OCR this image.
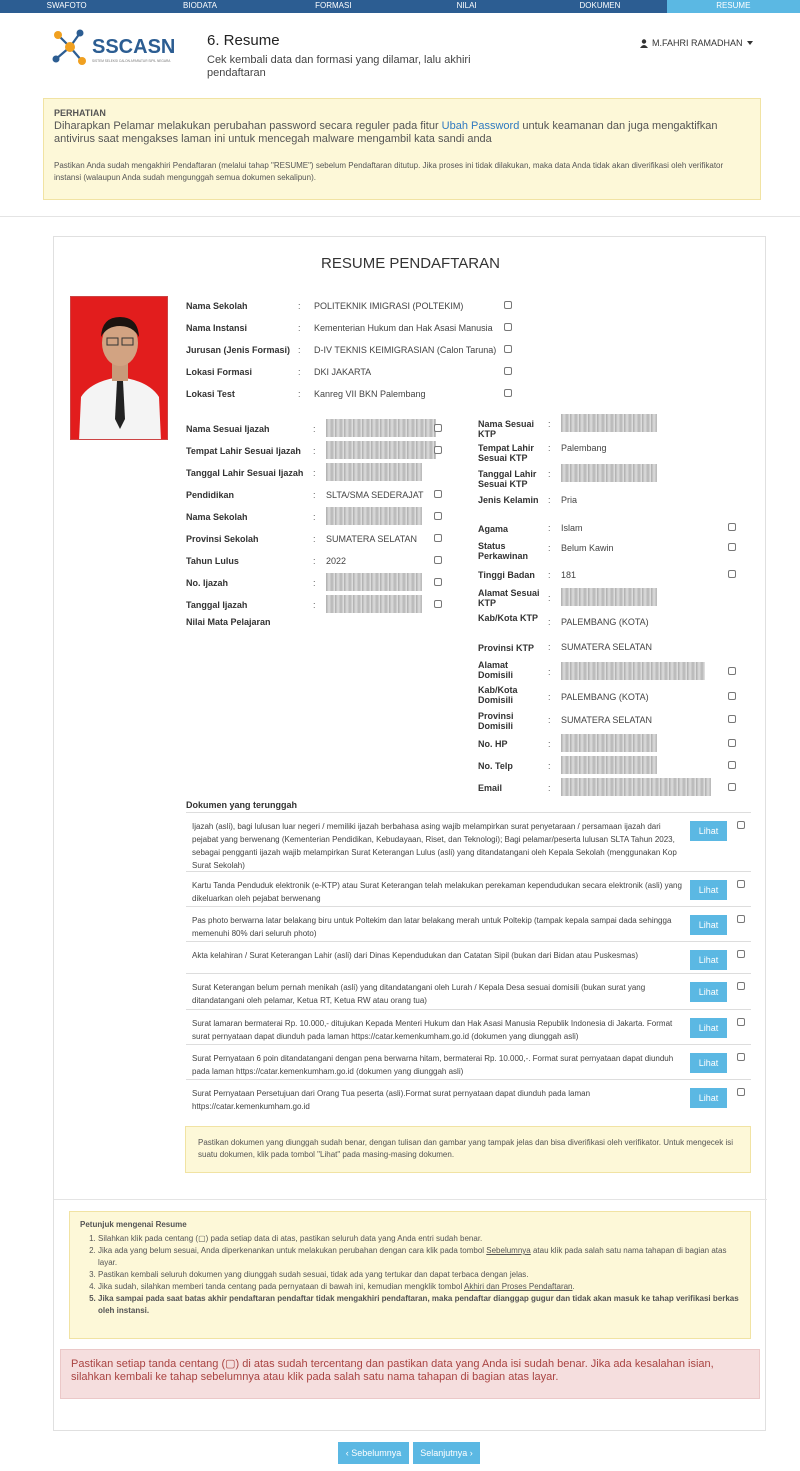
SWAFOTO	BIODATA	FORMASI	NILAI	DOKUMEN	RESUME
SSCASN
SISTEM SELEKSI CALON APARATUR SIPIL NEGARA
6. Resume
Cek kembali data dan formasi yang dilamar, lalu akhiri pendaftaran
M.FAHRI RAMADHAN
PERHATIAN
Diharapkan Pelamar melakukan perubahan password secara reguler pada fitur Ubah Password untuk keamanan dan juga mengaktifkan antivirus saat mengakses laman ini untuk mencegah malware mengambil kata sandi anda
Pastikan Anda sudah mengakhiri Pendaftaran (melalui tahap "RESUME") sebelum Pendaftaran ditutup. Jika proses ini tidak dilakukan, maka data Anda tidak akan diverifikasi oleh verifikator instansi (walaupun Anda sudah mengunggah semua dokumen sekalipun).
RESUME PENDAFTARAN
Nama Sekolah	: POLITEKNIK IMIGRASI (POLTEKIM)
Nama Instansi	: Kementerian Hukum dan Hak Asasi Manusia
Jurusan (Jenis Formasi) : D-IV TEKNIS KEIMIGRASIAN (Calon Taruna)
Lokasi Formasi	: DKI JAKARTA
Lokasi Test	: Kanreg VII BKN Palembang
Nama Sesuai Ijazah	:
Tempat Lahir Sesuai Ijazah :
Tanggal Lahir Sesuai Ijazah :
Pendidikan	: SLTA/SMA SEDERAJAT
Nama Sekolah	:
Provinsi Sekolah	: SUMATERA SELATAN
Tahun Lulus	: 2022
No. Ijazah	:
Tanggal Ijazah	:
Nilai Mata Pelajaran
Nama Sesuai KTP
:
Tempat Lahir Sesuai KTP
: Palembang
Tanggal Lahir Sesuai KTP
:
Jenis Kelamin	: Pria
Agama	: Islam
Status Perkawinan
: Belum Kawin
Tinggi Badan	: 181
Alamat Sesuai KTP	:
Kab/Kota KTP	: PALEMBANG (KOTA)
Provinsi KTP	: SUMATERA SELATAN
Alamat Domisili	:
Kab/Kota Domisili	: PALEMBANG (KOTA)
Provinsi Domisili
: SUMATERA SELATAN
No. HP	:
No. Telp	:
Email	:
Dokumen yang terunggah
Ijazah (asli), bagi lulusan luar negeri / memiliki ijazah berbahasa asing wajib melampirkan surat penyetaraan / persamaan ijazah dari pejabat yang berwenang (Kementerian Pendidikan, Kebudayaan, Riset, dan Teknologi); Bagi pelamar/peserta lulusan SLTA Tahun 2023, sebagai pengganti ijazah wajib melampirkan Surat Keterangan Lulus (asli) yang ditandatangani oleh Kepala Sekolah (menggunakan Kop Surat Sekolah)
Lihat
Kartu Tanda Penduduk elektronik (e-KTP) atau Surat Keterangan telah melakukan perekaman kependudukan secara elektronik (asli) yang dikeluarkan oleh pejabat berwenang
Lihat
Pas photo berwarna latar belakang biru untuk Poltekim dan latar belakang merah untuk Poltekip (tampak kepala sampai dada sehingga memenuhi 80% dari seluruh photo)
Lihat
Akta kelahiran / Surat Keterangan Lahir (asli) dari Dinas Kependudukan dan Catatan Sipil (bukan dari Bidan atau Puskesmas)	Lihat
Surat Keterangan belum pernah menikah (asli) yang ditandatangani oleh Lurah / Kepala Desa sesuai domisili (bukan surat yang ditandatangani oleh pelamar, Ketua RT, Ketua RW atau orang tua)
Lihat
Surat lamaran bermaterai Rp. 10.000,- ditujukan Kepada Menteri Hukum dan Hak Asasi Manusia Republik Indonesia di Jakarta. Format surat pernyataan dapat diunduh pada laman https://catar.kemenkumham.go.id (dokumen yang diunggah asli)
Lihat
Surat Pernyataan 6 poin ditandatangani dengan pena berwarna hitam, bermaterai Rp. 10.000,-. Format surat pernyataan dapat diunduh pada laman https://catar.kemenkumham.go.id (dokumen yang diunggah asli)
Lihat
Surat Pernyataan Persetujuan dari Orang Tua peserta (asli).Format surat pernyataan dapat diunduh pada laman https://catar.kemenkumham.go.id
Lihat
Pastikan dokumen yang diunggah sudah benar, dengan tulisan dan gambar yang tampak jelas dan bisa diverifikasi oleh verifikator. Untuk mengecek isi suatu dokumen, klik pada tombol "Lihat" pada masing-masing dokumen.
Petunjuk mengenai Resume
1. Silahkan klik pada centang (▢) pada setiap data di atas, pastikan seluruh data yang Anda entri sudah benar.
2. Jika ada yang belum sesuai, Anda diperkenankan untuk melakukan perubahan dengan cara klik pada tombol Sebelumnya atau klik pada salah satu nama tahapan di bagian atas layar.
3. Pastikan kembali seluruh dokumen yang diunggah sudah sesuai, tidak ada yang tertukar dan dapat terbaca dengan jelas.
4. Jika sudah, silahkan memberi tanda centang pada pernyataan di bawah ini, kemudian mengklik tombol Akhiri dan Proses Pendaftaran.
5. Jika sampai pada saat batas akhir pendaftaran pendaftar tidak mengakhiri pendaftaran, maka pendaftar dianggap gugur dan tidak akan masuk ke tahap verifikasi berkas oleh instansi.
Pastikan setiap tanda centang (▢) di atas sudah tercentang dan pastikan data yang Anda isi sudah benar. Jika ada kesalahan isian, silahkan kembali ke tahap sebelumnya atau klik pada salah satu nama tahapan di bagian atas layar.
‹ Sebelumnya	Selanjutnya ›
